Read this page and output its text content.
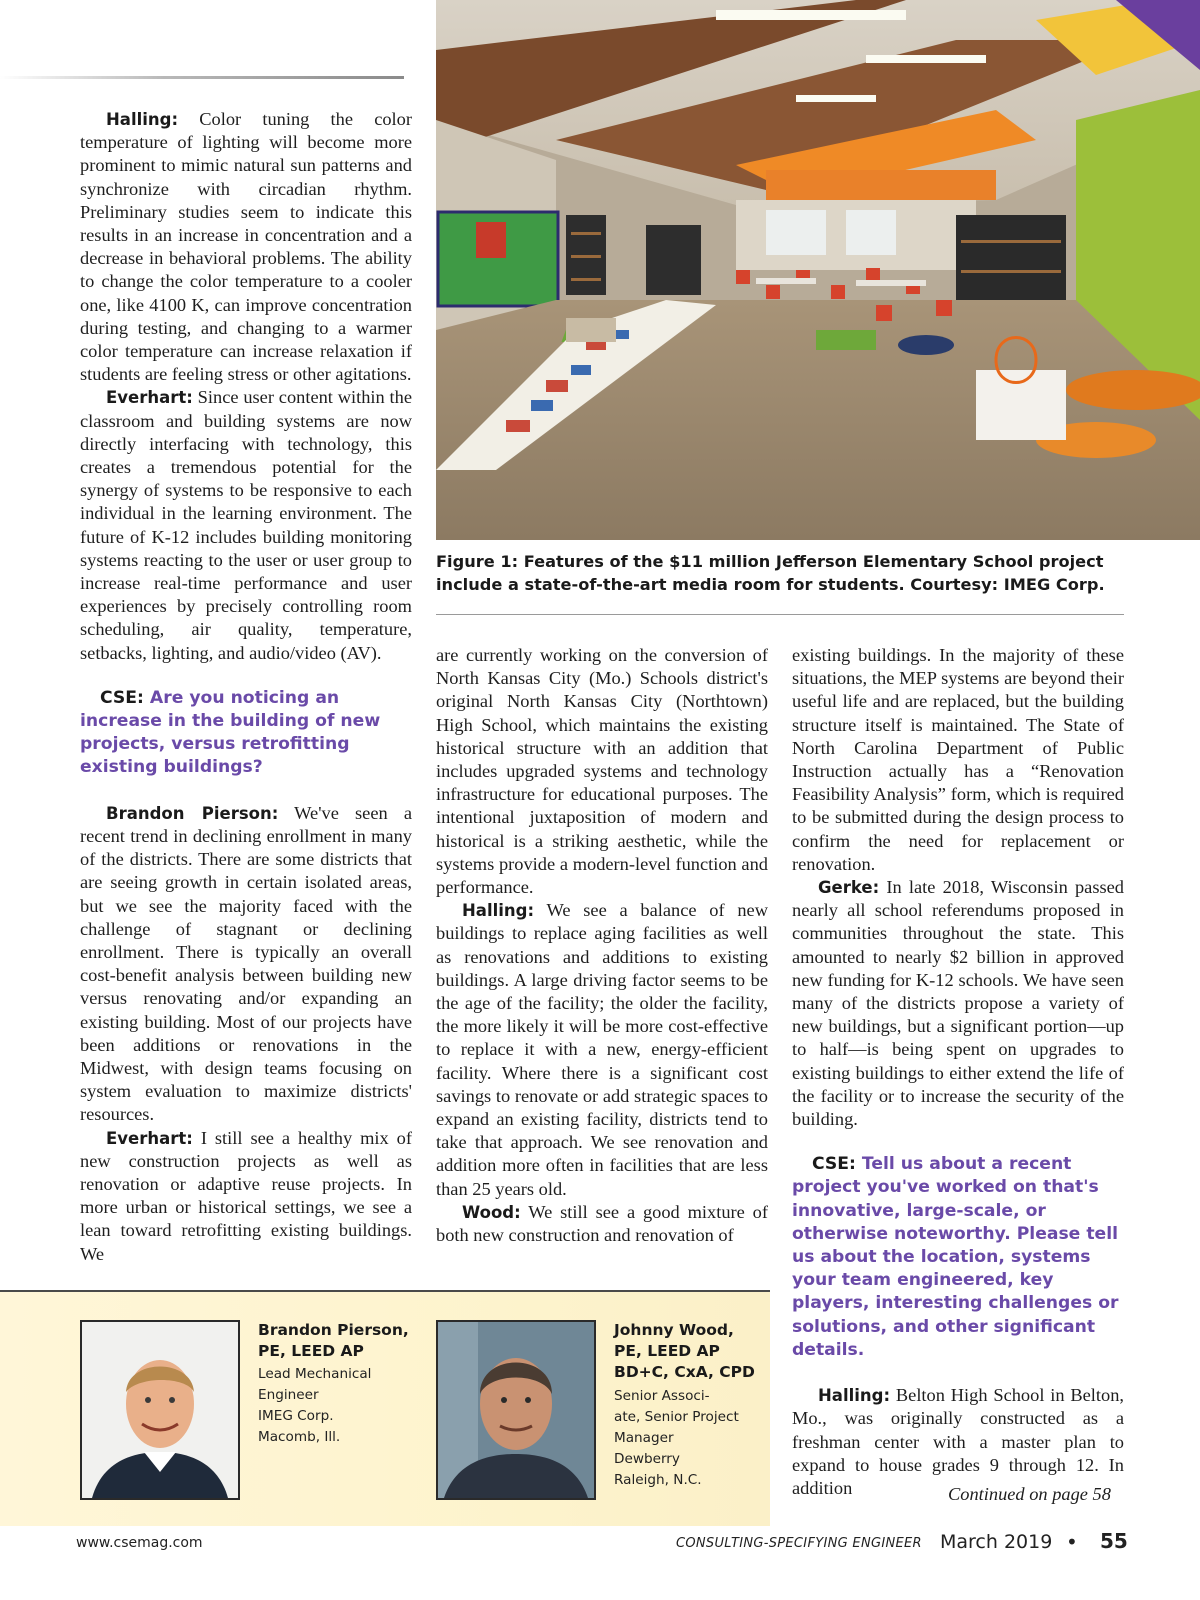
Halling: Color tuning the color temperature of lighting will become more prominent to mimic natural sun patterns and synchronize with circadian rhythm. Preliminary studies seem to indicate this results in an increase in concentration and a decrease in behavioral problems. The ability to change the color temperature to a cooler one, like 4100 K, can improve concentration during testing, and changing to a warmer color temperature can increase relaxation if students are feeling stress or other agitations.

Everhart: Since user content within the classroom and building systems are now directly interfacing with technology, this creates a tremendous potential for the synergy of systems to be responsive to each individual in the learning environment. The future of K-12 includes building monitoring systems reacting to the user or user group to increase real-time performance and user experiences by precisely controlling room scheduling, air quality, temperature, setbacks, lighting, and audio/video (AV).

CSE: Are you noticing an increase in the building of new projects, versus retrofitting existing buildings?

Brandon Pierson: We've seen a recent trend in declining enrollment in many of the districts. There are some districts that are seeing growth in certain isolated areas, but we see the majority faced with the challenge of stagnant or declining enrollment. There is typically an overall cost-benefit analysis between building new versus renovating and/or expanding an existing building. Most of our projects have been additions or renovations in the Midwest, with design teams focusing on system evaluation to maximize districts' resources.

Everhart: I still see a healthy mix of new construction projects as well as renovation or adaptive reuse projects. In more urban or historical settings, we see a lean toward retrofitting existing buildings. We

Figure 1: Features of the $11 million Jefferson Elementary School project include a state-of-the-art media room for students. Courtesy: IMEG Corp.

are currently working on the conversion of North Kansas City (Mo.) Schools district's original North Kansas City (Northtown) High School, which maintains the existing historical structure with an addition that includes upgraded systems and technology infrastructure for educational purposes. The intentional juxtaposition of modern and historical is a striking aesthetic, while the systems provide a modern-level function and performance.

Halling: We see a balance of new buildings to replace aging facilities as well as renovations and additions to existing buildings. A large driving factor seems to be the age of the facility; the older the facility, the more likely it will be more cost-effective to replace it with a new, energy-efficient facility. Where there is a significant cost savings to renovate or add strategic spaces to expand an existing facility, districts tend to take that approach. We see renovation and addition more often in facilities that are less than 25 years old.

Wood: We still see a good mixture of both new construction and renovation of

existing buildings. In the majority of these situations, the MEP systems are beyond their useful life and are replaced, but the building structure itself is maintained. The State of North Carolina Department of Public Instruction actually has a “Renovation Feasibility Analysis” form, which is required to be submitted during the design process to confirm the need for replacement or renovation.

Gerke: In late 2018, Wisconsin passed nearly all school referendums proposed in communities throughout the state. This amounted to nearly $2 billion in approved new funding for K-12 schools. We have seen many of the districts propose a variety of new buildings, but a significant portion—up to half—is being spent on upgrades to existing buildings to either extend the life of the facility or to increase the security of the building.

CSE: Tell us about a recent project you've worked on that's innovative, large-scale, or otherwise noteworthy. Please tell us about the location, systems your team engineered, key players, interesting challenges or solutions, and other significant details.

Halling: Belton High School in Belton, Mo., was originally constructed as a freshman center with a master plan to expand to house grades 9 through 12. In addition	Continued on page 58
Brandon Pierson,
PE, LEED AP
Lead Mechanical
Engineer
IMEG Corp.
Macomb, Ill.
Johnny Wood,
PE, LEED AP
BD+C, CxA, CPD
Senior Associ-
ate, Senior Project
Manager
Dewberry
Raleigh, N.C.
www.csemag.com	CONSULTING-SPECIFYING ENGINEER March 2019 • 55
